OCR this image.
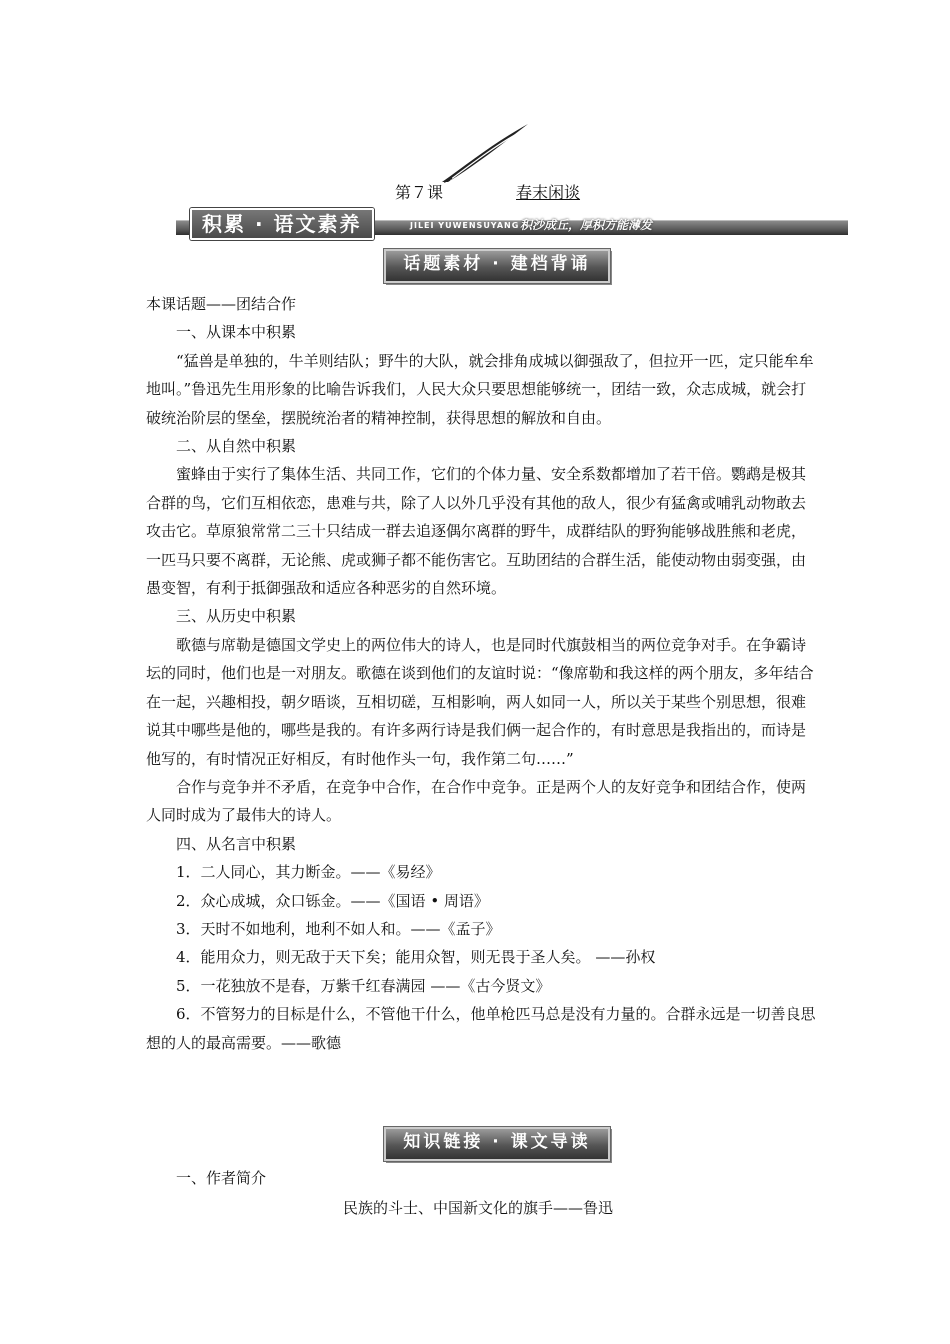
第７课	春末闲谈
积累 · 语文素养	JILEI YUWENSUYANG 积沙成丘，厚积方能薄发
话题素材 · 建档背诵

本课话题——团结合作

一、从课本中积累

“猛兽是单独的，牛羊则结队；野牛的大队，就会排角成城以御强敌了，但拉开一匹，定只能牟牟地叫。”鲁迅先生用形象的比喻告诉我们，人民大众只要思想能够统一，团结一致，众志成城，就会打破统治阶层的堡垒，摆脱统治者的精神控制，获得思想的解放和自由。

二、从自然中积累

蜜蜂由于实行了集体生活、共同工作，它们的个体力量、安全系数都增加了若干倍。鹦鹉是极其合群的鸟，它们互相依恋，患难与共，除了人以外几乎没有其他的敌人，很少有猛禽或哺乳动物敢去攻击它。草原狼常常二三十只结成一群去追逐偶尔离群的野牛，成群结队的野狗能够战胜熊和老虎，一匹马只要不离群，无论熊、虎或狮子都不能伤害它。互助团结的合群生活，能使动物由弱变强，由愚变智，有利于抵御强敌和适应各种恶劣的自然环境。

三、从历史中积累

歌德与席勒是德国文学史上的两位伟大的诗人，也是同时代旗鼓相当的两位竞争对手。在争霸诗坛的同时，他们也是一对朋友。歌德在谈到他们的友谊时说：“像席勒和我这样的两个朋友，多年结合在一起，兴趣相投，朝夕晤谈，互相切磋，互相影响，两人如同一人，所以关于某些个别思想，很难说其中哪些是他的，哪些是我的。有许多两行诗是我们俩一起合作的，有时意思是我指出的，而诗是他写的，有时情况正好相反，有时他作头一句，我作第二句……”

合作与竞争并不矛盾，在竞争中合作，在合作中竞争。正是两个人的友好竞争和团结合作，使两人同时成为了最伟大的诗人。

四、从名言中积累

1．二人同心，其力断金。——《易经》

2．众心成城，众口铄金。——《国语 • 周语》

3．天时不如地利，地利不如人和。——《孟子》

4．能用众力，则无敌于天下矣；能用众智，则无畏于圣人矣。 ——孙权

5．一花独放不是春，万紫千红春满园 ——《古今贤文》

6．不管努力的目标是什么，不管他干什么，他单枪匹马总是没有力量的。合群永远是一切善良思想的人的最高需要。——歌德

知识链接 · 课文导读
一、作者简介
民族的斗士、中国新文化的旗手——鲁迅
